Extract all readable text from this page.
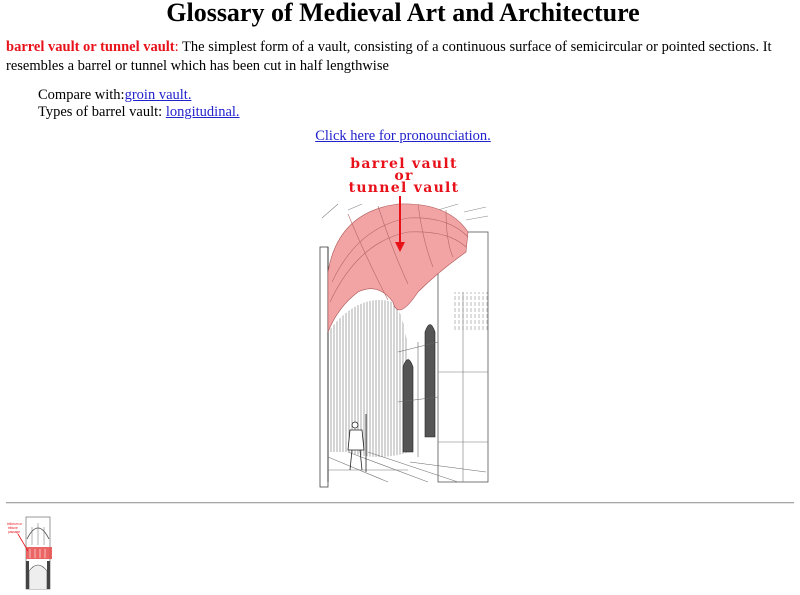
Glossary of Medieval Art and Architecture

barrel vault or tunnel vault: The simplest form of a vault, consisting of a continuous surface of semicircular or pointed sections. It resembles a barrel or tunnel which has been cut in half lengthwise

Compare with:groin vault.
Types of barrel vault: longitudinal.
Click here for pronounciation.
barrel vault
or
tunnel vault
triforium or
tribune
passage
